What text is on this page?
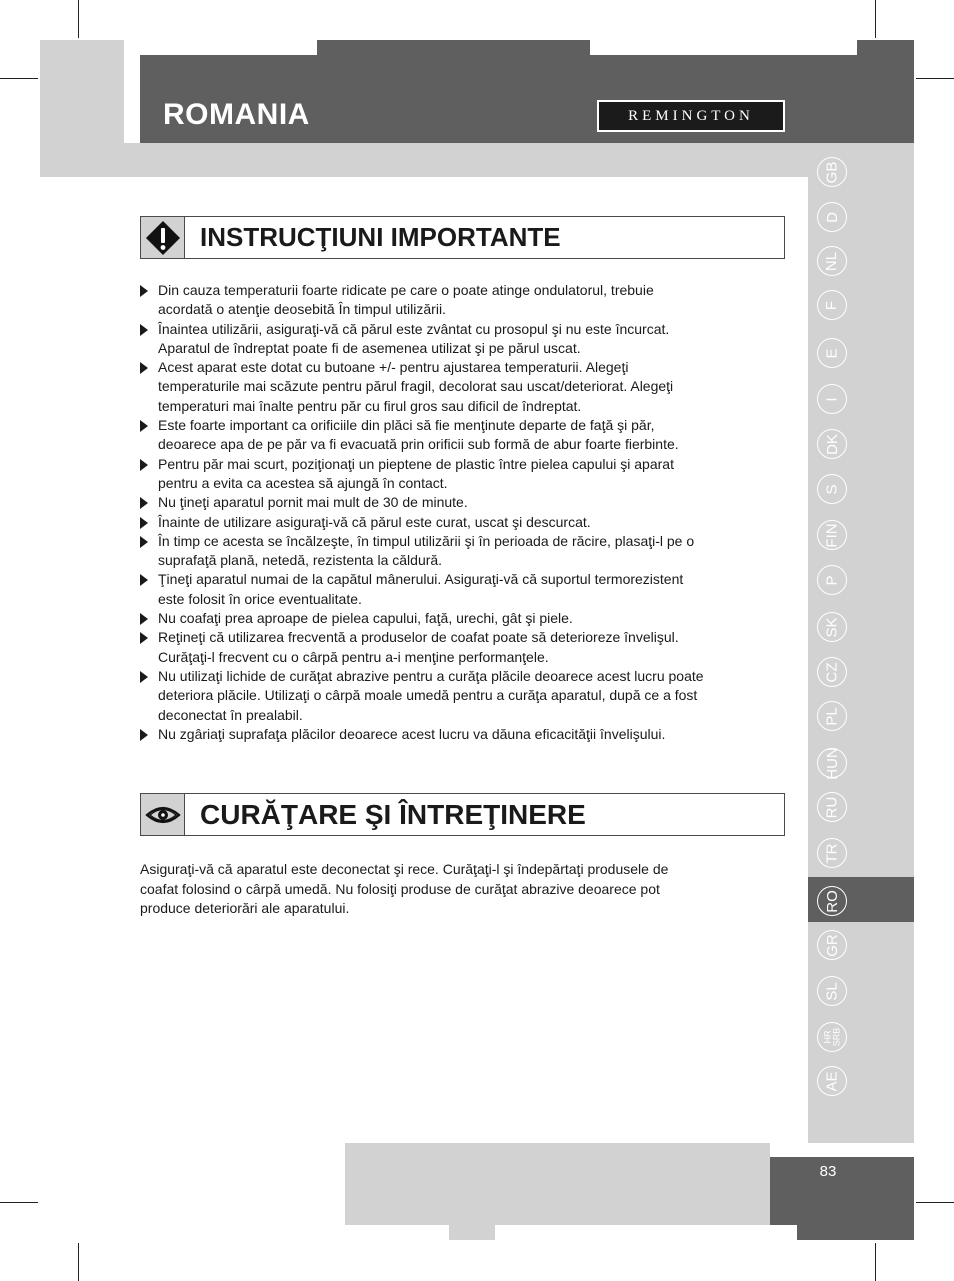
ROMANIA	REMINGTON
GB
D
NL
F
E
I
DK
S
FIN
P
SK
CZ
PL
HUN
RU
TR
RO
GR
SL
HR SRB
AE
INSTRUCŢIUNI IMPORTANTE
Din cauza temperaturii foarte ridicate pe care o poate atinge ondulatorul, trebuie
acordată o atenţie deosebită În timpul utilizării.
Înaintea utilizării, asiguraţi-vă că părul este zvântat cu prosopul şi nu este încurcat.
Aparatul de îndreptat poate fi de asemenea utilizat şi pe părul uscat.
Acest aparat este dotat cu butoane +/- pentru ajustarea temperaturii. Alegeţi
temperaturile mai scăzute pentru părul fragil, decolorat sau uscat/deteriorat. Alegeţi
temperaturi mai înalte pentru păr cu firul gros sau dificil de îndreptat.
Este foarte important ca orificiile din plăci să fie menţinute departe de faţă şi păr,
deoarece apa de pe păr va fi evacuată prin orificii sub formă de abur foarte fierbinte.
Pentru păr mai scurt, poziţionaţi un pieptene de plastic între pielea capului şi aparat
pentru a evita ca acestea să ajungă în contact.
Nu ţineţi aparatul pornit mai mult de 30 de minute.
Înainte de utilizare asiguraţi-vă că părul este curat, uscat şi descurcat.
În timp ce acesta se încălzeşte, în timpul utilizării şi în perioada de răcire, plasaţi-l pe o
suprafaţă plană, netedă, rezistenta la căldură.
Ţineţi aparatul numai de la capătul mânerului. Asiguraţi-vă că suportul termorezistent
este folosit în orice eventualitate.
Nu coafaţi prea aproape de pielea capului, faţă, urechi, gât şi piele.
Reţineţi că utilizarea frecventă a produselor de coafat poate să deterioreze învelişul.
Curăţaţi-l frecvent cu o cârpă pentru a-i menţine performanţele.
Nu utilizaţi lichide de curăţat abrazive pentru a curăţa plăcile deoarece acest lucru poate
deteriora plăcile. Utilizaţi o cârpă moale umedă pentru a curăţa aparatul, după ce a fost
deconectat în prealabil.
Nu zgâriaţi suprafaţa plăcilor deoarece acest lucru va dăuna eficacităţii învelişului.
CURĂŢARE ŞI ÎNTREŢINERE
Asiguraţi-vă că aparatul este deconectat şi rece. Curăţaţi-l şi îndepărtaţi produsele de
coafat folosind o cârpă umedă. Nu folosiţi produse de curăţat abrazive deoarece pot
produce deteriorări ale aparatului.
83
